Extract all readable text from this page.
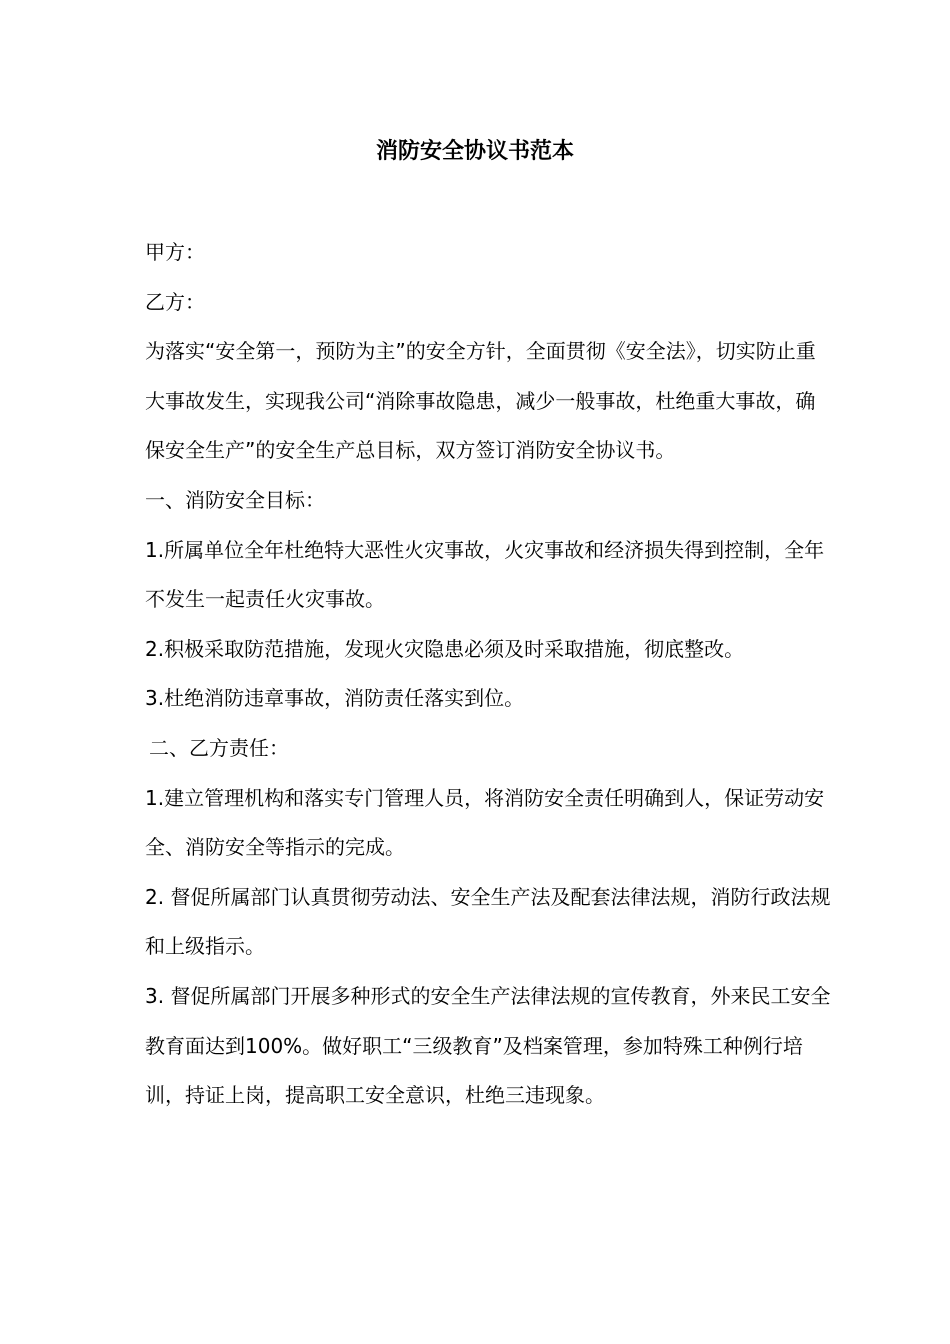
消防安全协议书范本

甲方：

乙方：

为落实“安全第一，预防为主”的安全方针，全面贯彻《安全法》，切实防止重大事故发生，实现我公司“消除事故隐患，减少一般事故，杜绝重大事故，确保安全生产”的安全生产总目标，双方签订消防安全协议书。

一、消防安全目标：

1.所属单位全年杜绝特大恶性火灾事故，火灾事故和经济损失得到控制，全年不发生一起责任火灾事故。

2.积极采取防范措施，发现火灾隐患必须及时采取措施，彻底整改。

3.杜绝消防违章事故，消防责任落实到位。

二、乙方责任：

1.建立管理机构和落实专门管理人员，将消防安全责任明确到人，保证劳动安全、消防安全等指示的完成。

2. 督促所属部门认真贯彻劳动法、安全生产法及配套法律法规，消防行政法规和上级指示。

3. 督促所属部门开展多种形式的安全生产法律法规的宣传教育，外来民工安全教育面达到100%。做好职工“三级教育”及档案管理，参加特殊工种例行培训，持证上岗，提高职工安全意识，杜绝三违现象。
